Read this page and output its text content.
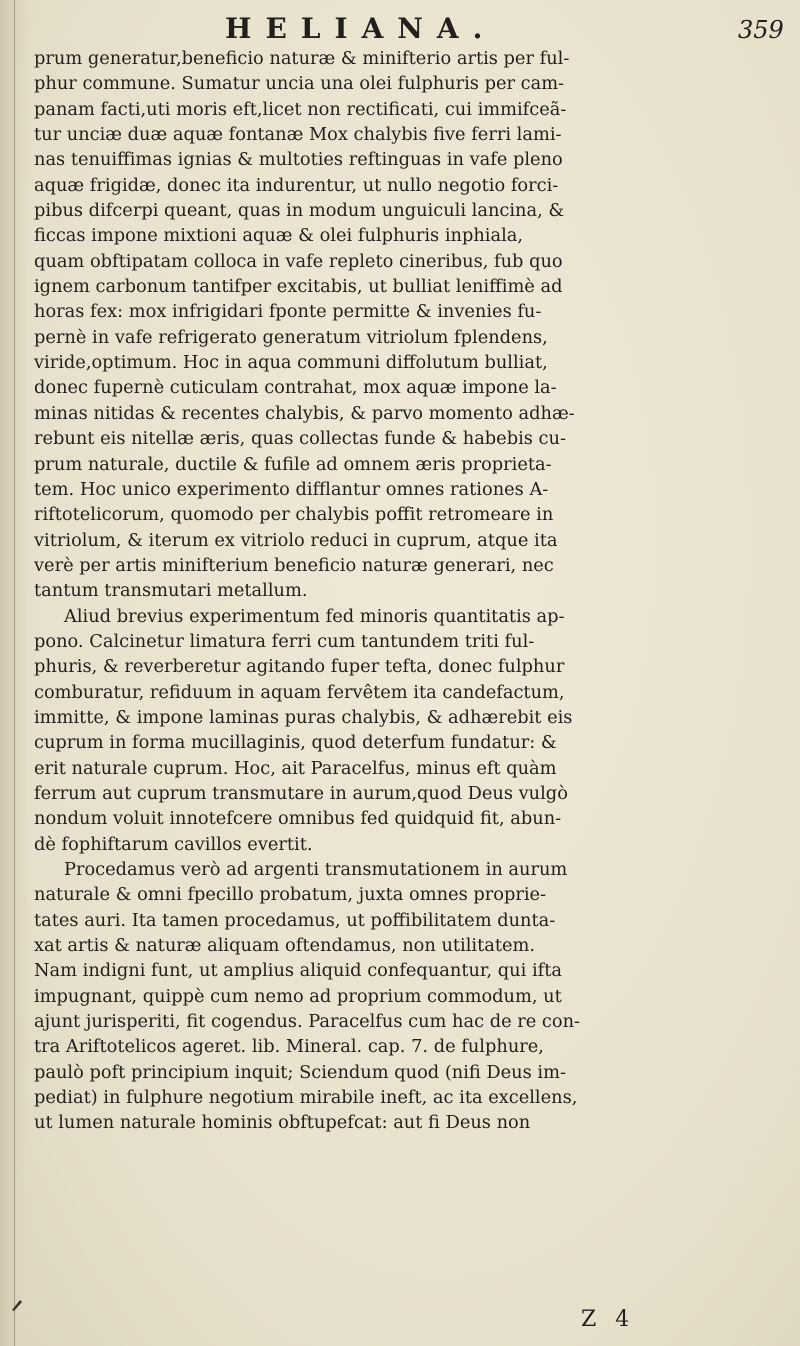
HELIANA.	359
prum generatur,beneficio naturæ & minifterio artis per ful-
phur commune. Sumatur uncia una olei fulphuris per cam-
panam facti,uti moris eft,licet non rectificati, cui immifceã-
tur unciæ duæ aquæ fontanæ Mox chalybis five ferri lami-
nas tenuiffimas ignias & multoties reftinguas in vafe pleno
aquæ frigidæ, donec ita indurentur, ut nullo negotio forci-
pibus difcerpi queant, quas in modum unguiculi lancina, &
ficcas impone mixtioni aquæ & olei fulphuris inphiala,
quam obftipatam colloca in vafe repleto cineribus, fub quo
ignem carbonum tantifper excitabis, ut bulliat leniffimè ad
horas fex: mox infrigidari fponte permitte & invenies fu-
pernè in vafe refrigerato generatum vitriolum fplendens,
viride,optimum. Hoc in aqua communi diffolutum bulliat,
donec fupernè cuticulam contrahat, mox aquæ impone la-
minas nitidas & recentes chalybis, & parvo momento adhæ-
rebunt eis nitellæ æris, quas collectas funde & habebis cu-
prum naturale, ductile & fufile ad omnem æris proprieta-
tem. Hoc unico experimento difflantur omnes rationes A-
riftotelicorum, quomodo per chalybis poffit retromeare in
vitriolum, & iterum ex vitriolo reduci in cuprum, atque ita
verè per artis minifterium beneficio naturæ generari, nec
tantum transmutari metallum.
Aliud brevius experimentum fed minoris quantitatis ap-
pono. Calcinetur limatura ferri cum tantundem triti ful-
phuris, & reverberetur agitando fuper tefta, donec fulphur
comburatur, refiduum in aquam fervêtem ita candefactum,
immitte, & impone laminas puras chalybis, & adhærebit eis
cuprum in forma mucillaginis, quod deterfum fundatur: &
erit naturale cuprum. Hoc, ait Paracelfus, minus eft quàm
ferrum aut cuprum transmutare in aurum,quod Deus vulgò
nondum voluit innotefcere omnibus fed quidquid fit, abun-
dè fophiftarum cavillos evertit.
Procedamus verò ad argenti transmutationem in aurum
naturale & omni fpecillo probatum, juxta omnes proprie-
tates auri. Ita tamen procedamus, ut poffibilitatem dunta-
xat artis & naturæ aliquam oftendamus, non utilitatem.
Nam indigni funt, ut amplius aliquid confequantur, qui ifta
impugnant, quippè cum nemo ad proprium commodum, ut
ajunt jurisperiti, fit cogendus. Paracelfus cum hac de re con-
tra Ariftotelicos ageret. lib. Mineral. cap. 7. de fulphure,
paulò poft principium inquit; Sciendum quod (nifi Deus im-
pediat) in fulphure negotium mirabile ineft, ac ita excellens,
ut lumen naturale hominis obftupefcat: aut fi Deus non
Z 4
